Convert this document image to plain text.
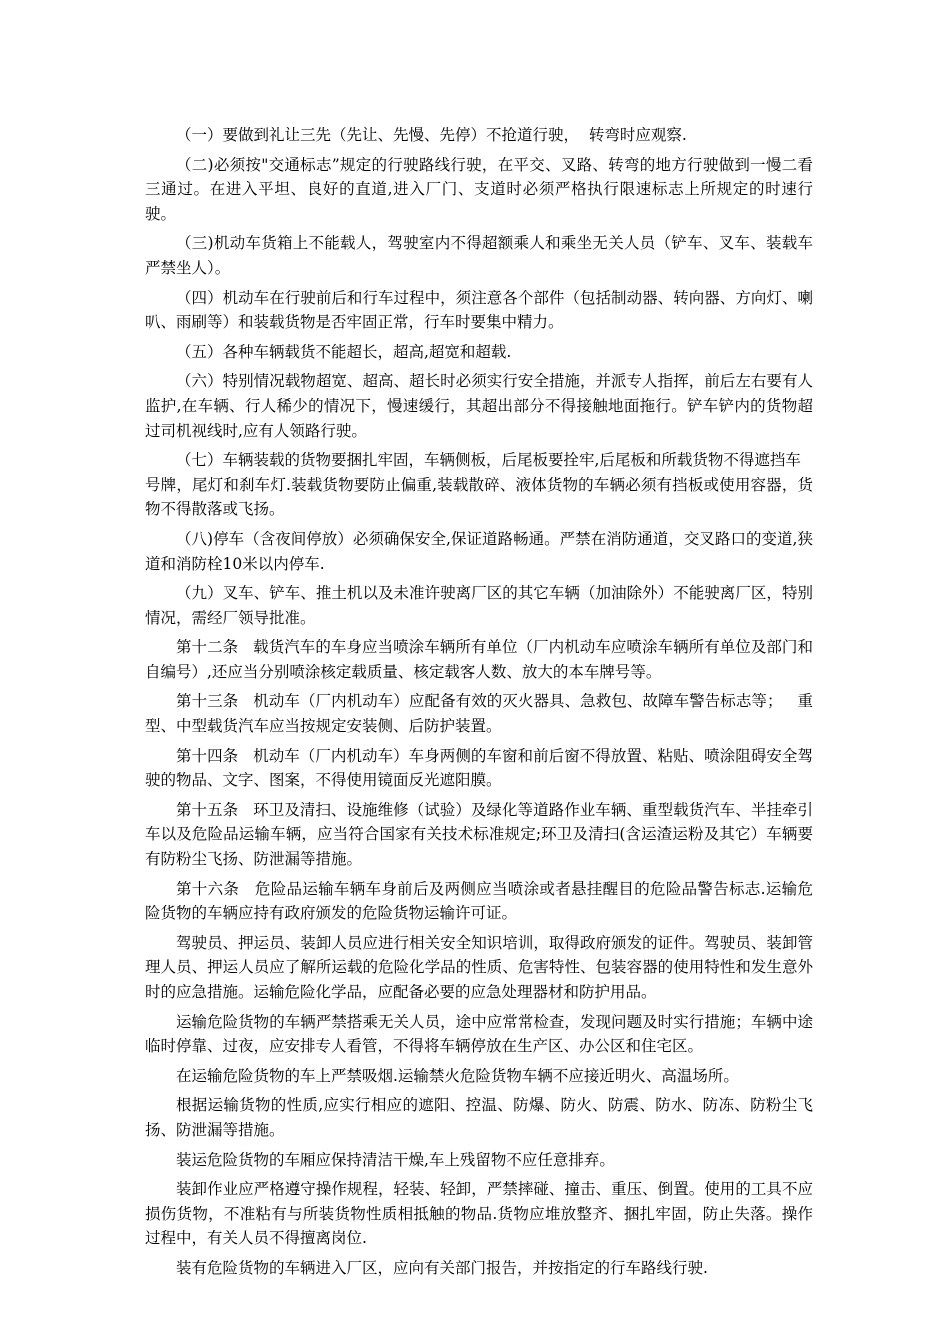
（一）要做到礼让三先（先让、先慢、先停）不抢道行驶，  转弯时应观察.

（二)必须按"交通标志”规定的行驶路线行驶，在平交、叉路、转弯的地方行驶做到一慢二看三通过。在进入平坦、良好的直道,进入厂门、支道时必须严格执行限速标志上所规定的时速行驶。

（三)机动车货箱上不能载人，驾驶室内不得超额乘人和乘坐无关人员（铲车、叉车、装载车严禁坐人）。

（四）机动车在行驶前后和行车过程中，须注意各个部件（包括制动器、转向器、方向灯、喇叭、雨刷等）和装载货物是否牢固正常，行车时要集中精力。

（五）各种车辆载货不能超长，超高,超宽和超载.

（六）特别情况载物超宽、超高、超长时必须实行安全措施，并派专人指挥，前后左右要有人监护,在车辆、行人稀少的情况下，慢速缓行，其超出部分不得接触地面拖行。铲车铲内的货物超过司机视线时,应有人领路行驶。

（七）车辆装载的货物要捆扎牢固，车辆侧板，后尾板要拴牢,后尾板和所载货物不得遮挡车

号牌，尾灯和刹车灯.装载货物要防止偏重,装载散碎、液体货物的车辆必须有挡板或使用容器，货物不得散落或飞扬。

（八)停车（含夜间停放）必须确保安全,保证道路畅通。严禁在消防通道，交叉路口的变道,狭道和消防栓10米以内停车.

（九）叉车、铲车、推土机以及未准许驶离厂区的其它车辆（加油除外）不能驶离厂区，特别情况，需经厂领导批准。

第十二条   载货汽车的车身应当喷涂车辆所有单位（厂内机动车应喷涂车辆所有单位及部门和自编号）,还应当分别喷涂核定载质量、核定载客人数、放大的本车牌号等。

第十三条   机动车（厂内机动车）应配备有效的灭火器具、急救包、故障车警告标志等；   重型、中型载货汽车应当按规定安装侧、后防护装置。

第十四条   机动车（厂内机动车）车身两侧的车窗和前后窗不得放置、粘贴、喷涂阻碍安全驾驶的物品、文字、图案，不得使用镜面反光遮阳膜。

第十五条   环卫及清扫、设施维修（试验）及绿化等道路作业车辆、重型载货汽车、半挂牵引车以及危险品运输车辆，应当符合国家有关技术标准规定;环卫及清扫(含运渣运粉及其它）车辆要有防粉尘飞扬、防泄漏等措施。

第十六条   危险品运输车辆车身前后及两侧应当喷涂或者悬挂醒目的危险品警告标志.运输危险货物的车辆应持有政府颁发的危险货物运输许可证。

驾驶员、押运员、装卸人员应进行相关安全知识培训，取得政府颁发的证件。驾驶员、装卸管理人员、押运人员应了解所运载的危险化学品的性质、危害特性、包装容器的使用特性和发生意外时的应急措施。运输危险化学品，应配备必要的应急处理器材和防护用品。

运输危险货物的车辆严禁搭乘无关人员，途中应常常检查，发现问题及时实行措施；车辆中途临时停靠、过夜，应安排专人看管，不得将车辆停放在生产区、办公区和住宅区。

在运输危险货物的车上严禁吸烟.运输禁火危险货物车辆不应接近明火、高温场所。

根据运输货物的性质,应实行相应的遮阳、控温、防爆、防火、防震、防水、防冻、防粉尘飞扬、防泄漏等措施。

装运危险货物的车厢应保持清洁干燥,车上残留物不应任意排弃。

装卸作业应严格遵守操作规程，轻装、轻卸，严禁摔碰、撞击、重压、倒置。使用的工具不应损伤货物，不准粘有与所装货物性质相抵触的物品.货物应堆放整齐、捆扎牢固，防止失落。操作过程中，有关人员不得擅离岗位.

装有危险货物的车辆进入厂区，应向有关部门报告，并按指定的行车路线行驶.
